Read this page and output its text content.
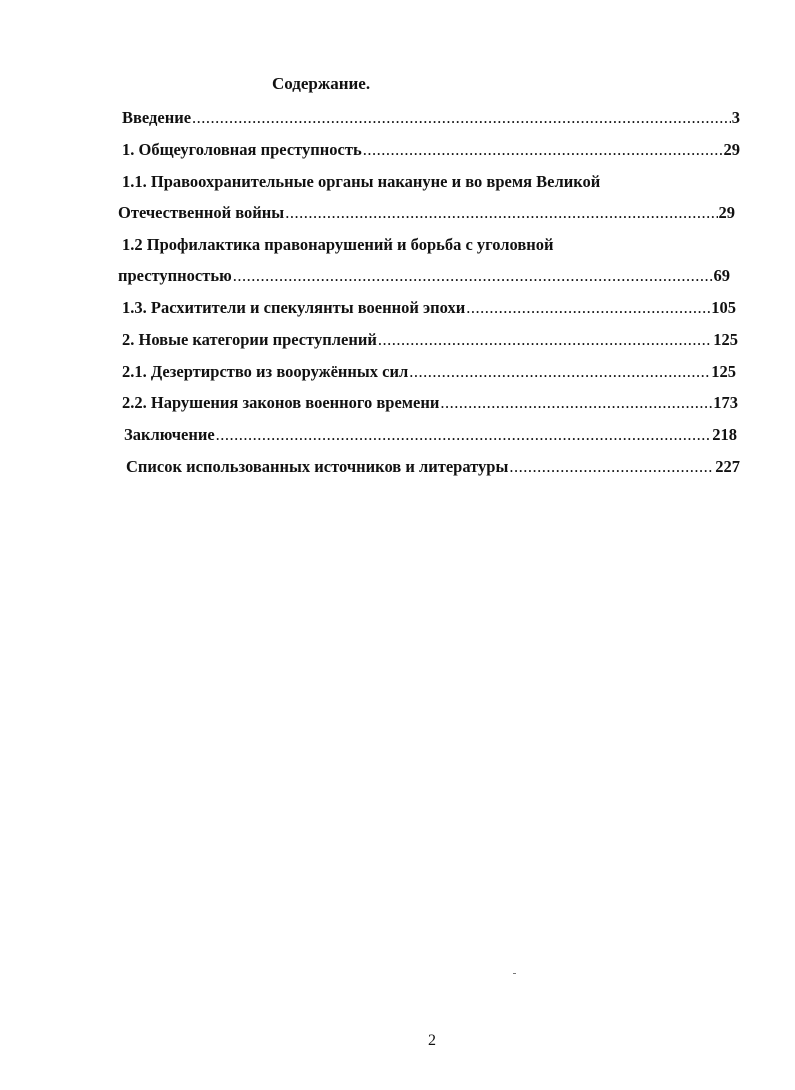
Содержание.
Введение .....	3
1. Общеуголовная преступность .....	29
1.1. Правоохранительные органы накануне и во время Великой
Отечественной войны .....	29
1.2 Профилактика правонарушений и борьба с уголовной
преступностью .....	69
1.3. Расхитители и спекулянты военной эпохи .....	105
2. Новые категории преступлений .....	125
2.1. Дезертирство из вооружённых сил .....	125
2.2. Нарушения законов военного времени .....	173
Заключение .....	218
Список использованных источников и литературы .....	227
2
